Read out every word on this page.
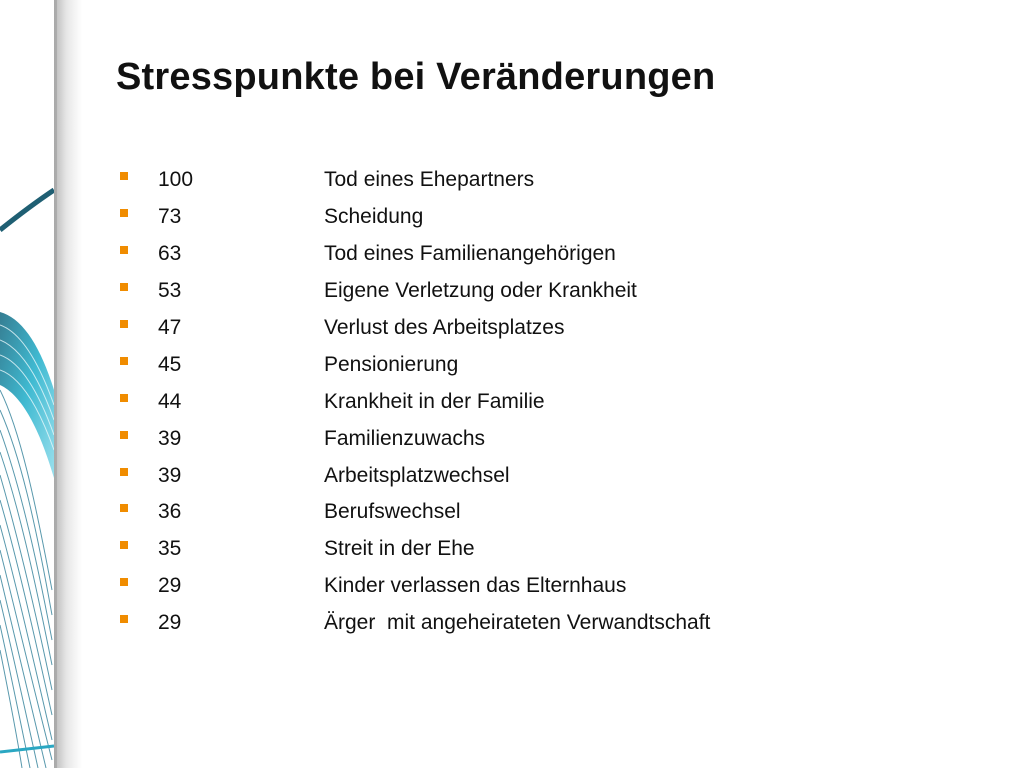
Stresspunkte bei Veränderungen
100	Tod eines Ehepartners
73	Scheidung
63	Tod eines Familienangehörigen
53	Eigene Verletzung oder Krankheit
47	Verlust des Arbeitsplatzes
45	Pensionierung
44	Krankheit in der Familie
39	Familienzuwachs
39	Arbeitsplatzwechsel
36	Berufswechsel
35	Streit in der Ehe
29	Kinder verlassen das Elternhaus
29	Ärger  mit angeheirateten Verwandtschaft
